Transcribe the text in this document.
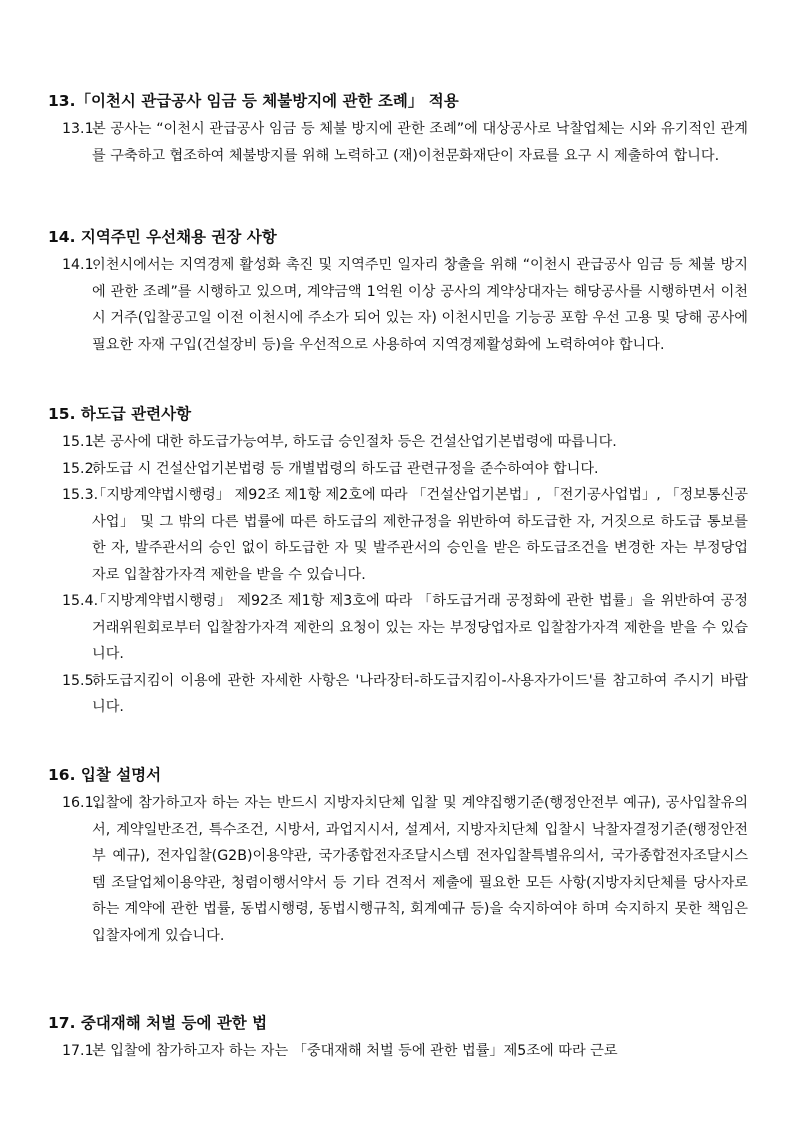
13.「이천시 관급공사 임금 등 체불방지에 관한 조례」 적용
13.1.
본 공사는 “이천시 관급공사 임금 등 체불 방지에 관한 조례”에 대상공사로 낙찰업체는 시와 유기적인 관계를 구축하고 협조하여 체불방지를 위해 노력하고 (재)이천문화재단이 자료를 요구 시 제출하여 합니다.
14. 지역주민 우선채용 권장 사항
14.1.
이천시에서는 지역경제 활성화 촉진 및 지역주민 일자리 창출을 위해 “이천시 관급공사 임금 등 체불 방지에 관한 조례”를 시행하고 있으며, 계약금액 1억원 이상 공사의 계약상대자는 해당공사를 시행하면서 이천시 거주(입찰공고일 이전 이천시에 주소가 되어 있는 자) 이천시민을 기능공 포함 우선 고용 및 당해 공사에 필요한 자재 구입(건설장비 등)을 우선적으로 사용하여 지역경제활성화에 노력하여야 합니다.
15. 하도급 관련사항
15.1.
본 공사에 대한 하도급가능여부, 하도급 승인절차 등은 건설산업기본법령에 따릅니다.
15.2.
하도급 시 건설산업기본법령 등 개별법령의 하도급 관련규정을 준수하여야 합니다.
15.3.
「지방계약법시행령」 제92조 제1항 제2호에 따라 「건설산업기본법」, 「전기공사업법」, 「정보통신공사업」 및 그 밖의 다른 법률에 따른 하도급의 제한규정을 위반하여 하도급한 자, 거짓으로 하도급 통보를 한 자, 발주관서의 승인 없이 하도급한 자 및 발주관서의 승인을 받은 하도급조건을 변경한 자는 부정당업자로 입찰참가자격 제한을 받을 수 있습니다.
15.4.
「지방계약법시행령」 제92조 제1항 제3호에 따라 「하도급거래 공정화에 관한 법률」을 위반하여 공정거래위원회로부터 입찰참가자격 제한의 요청이 있는 자는 부정당업자로 입찰참가자격 제한을 받을 수 있습니다.
15.5.
하도급지킴이 이용에 관한 자세한 사항은 '나라장터-하도급지킴이-사용자가이드'를 참고하여 주시기 바랍니다.
16. 입찰 설명서
16.1.
입찰에 참가하고자 하는 자는 반드시 지방자치단체 입찰 및 계약집행기준(행정안전부 예규), 공사입찰유의서, 계약일반조건, 특수조건, 시방서, 과업지시서, 설계서, 지방자치단체 입찰시 낙찰자결정기준(행정안전부 예규), 전자입찰(G2B)이용약관, 국가종합전자조달시스템 전자입찰특별유의서, 국가종합전자조달시스템 조달업체이용약관, 청렴이행서약서 등 기타 견적서 제출에 필요한 모든 사항(지방자치단체를 당사자로 하는 계약에 관한 법률, 동법시행령, 동법시행규칙, 회계예규 등)을 숙지하여야 하며 숙지하지 못한 책임은 입찰자에게 있습니다.
17. 중대재해 처벌 등에 관한 법
17.1.
본 입찰에 참가하고자 하는 자는 「중대재해 처벌 등에 관한 법률」제5조에 따라 근로
